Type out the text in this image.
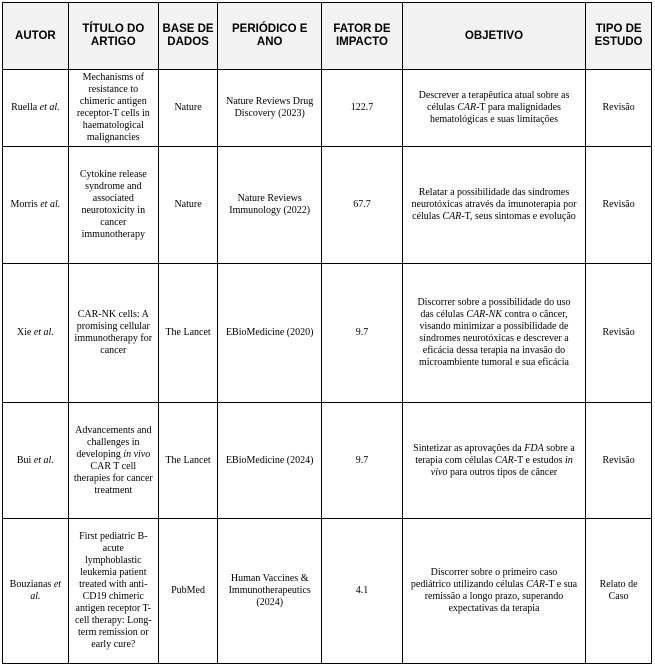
AUTOR	TÍTULO DO ARTIGO	BASE DE DADOS	PERIÓDICO E ANO	FATOR DE IMPACTO	OBJETIVO	TIPO DE ESTUDO
Ruella et al.	Mechanisms of resistance to chimeric antigen receptor-T cells in haematological malignancies	Nature	Nature Reviews Drug Discovery (2023)	122.7	Descrever a terapêutica atual sobre as células CAR-T para malignidades hematológicas e suas limitações	Revisão
Morris et al.	Cytokine release syndrome and associated neurotoxicity in cancer immunotherapy	Nature	Nature Reviews Immunology (2022)	67.7	Relatar a possibilidade das síndromes neurotóxicas através da imunoterapia por células CAR-T, seus sintomas e evolução	Revisão
Xie et al.	CAR-NK cells: A promising cellular immunotherapy for cancer	The Lancet	EBioMedicine (2020)	9.7	Discorrer sobre a possibilidade do uso das células CAR-NK contra o câncer, visando minimizar a possibilidade de síndromes neurotóxicas e descrever a eficácia dessa terapia na invasão do microambiente tumoral e sua eficácia	Revisão
Bui et al.	Advancements and challenges in developing in vivo CAR T cell therapies for cancer treatment	The Lancet	EBioMedicine (2024)	9.7	Sintetizar as aprovações da FDA sobre a terapia com células CAR-T e estudos in vivo para outros tipos de câncer	Revisão
Bouzianas et al.	First pediatric B-acute lymphoblastic leukemia patient treated with anti-CD19 chimeric antigen receptor T-cell therapy: Long-term remission or early cure?	PubMed	Human Vaccines & Immunotherapeutics (2024)	4.1	Discorrer sobre o primeiro caso pediátrico utilizando células CAR-T e sua remissão a longo prazo, superando expectativas da terapia	Relato de Caso
